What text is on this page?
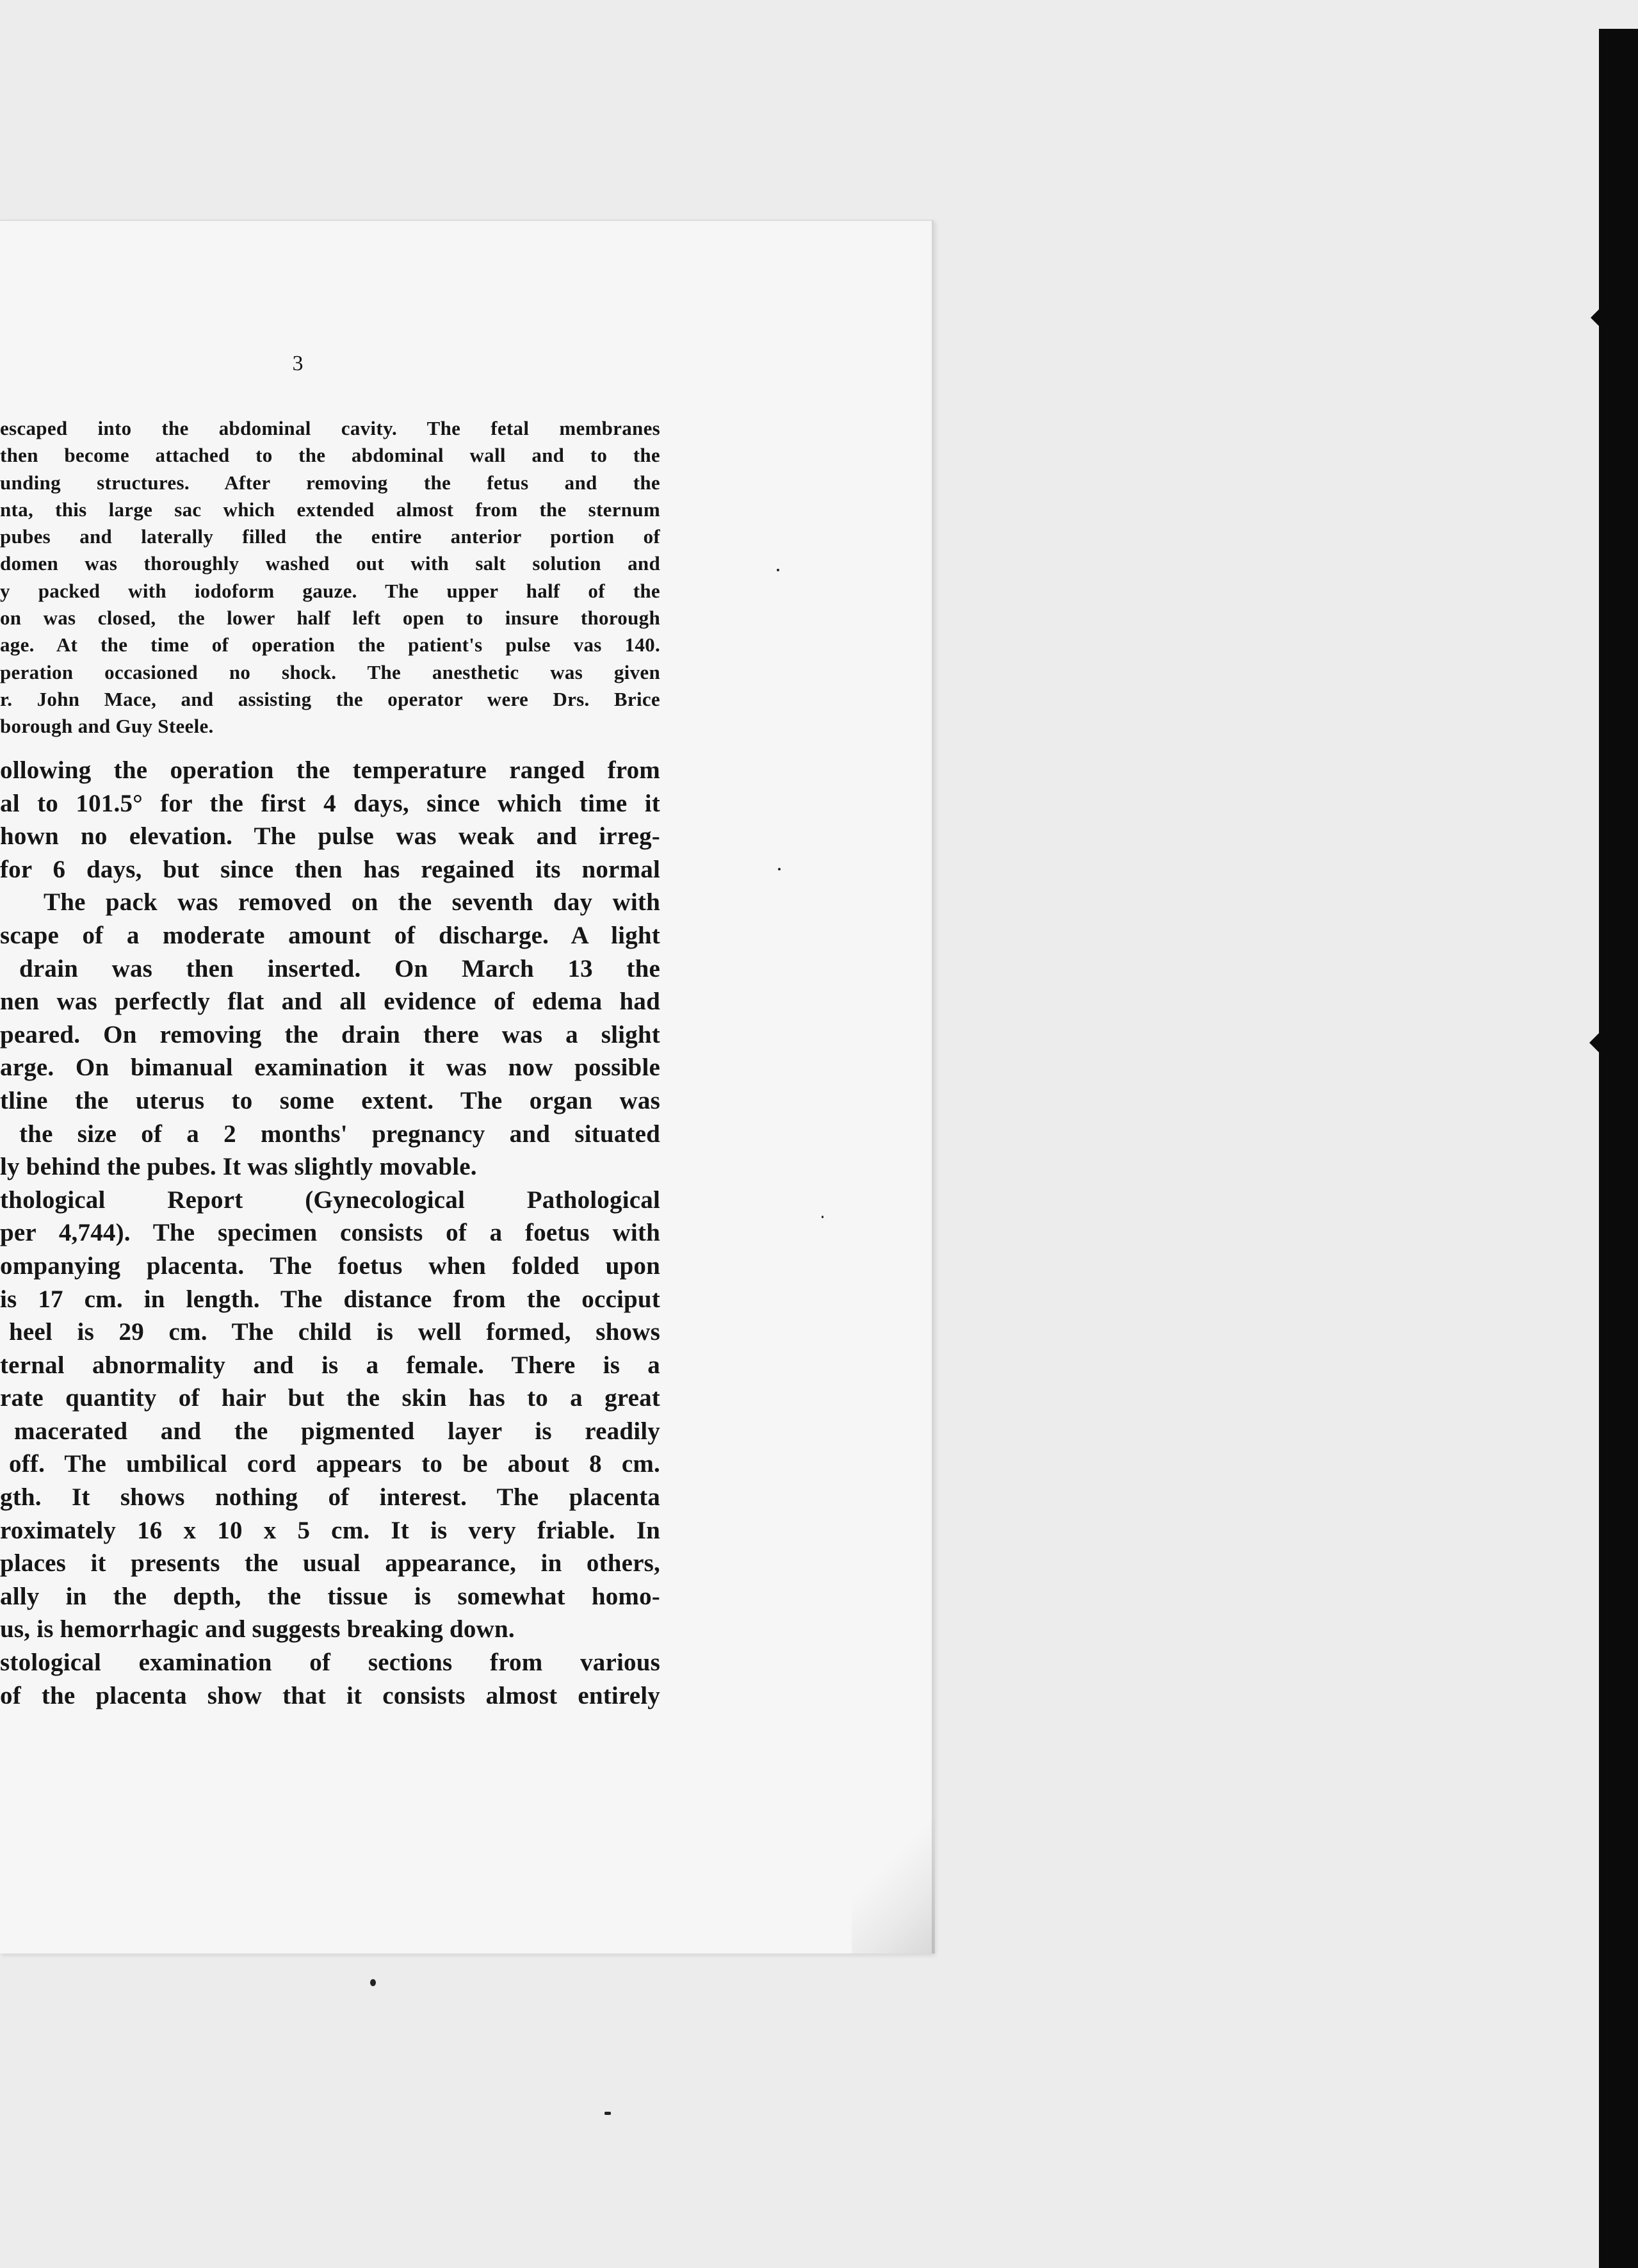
3
escaped into the abdominal cavity. The fetal membranes
then become attached to the abdominal wall and to the
unding structures. After removing the fetus and the
nta, this large sac which extended almost from the sternum
pubes and laterally filled the entire anterior portion of
domen was thoroughly washed out with salt solution and
y packed with iodoform gauze. The upper half of the
on was closed, the lower half left open to insure thorough
age. At the time of operation the patient's pulse vas 140.
peration occasioned no shock. The anesthetic was given
r. John Mace, and assisting the operator were Drs. Brice
borough and Guy Steele.
ollowing the operation the temperature ranged from
al to 101.5° for the first 4 days, since which time it
hown no elevation. The pulse was weak and irreg-
for 6 days, but since then has regained its normal
The pack was removed on the seventh day with
scape of a moderate amount of discharge. A light
drain was then inserted. On March 13 the
nen was perfectly flat and all evidence of edema had
peared. On removing the drain there was a slight
arge. On bimanual examination it was now possible
tline the uterus to some extent. The organ was
the size of a 2 months' pregnancy and situated
ly behind the pubes. It was slightly movable.
thological Report (Gynecological Pathological
per 4,744). The specimen consists of a foetus with
ompanying placenta. The foetus when folded upon
is 17 cm. in length. The distance from the occiput
heel is 29 cm. The child is well formed, shows
ternal abnormality and is a female. There is a
rate quantity of hair but the skin has to a great
macerated and the pigmented layer is readily
off. The umbilical cord appears to be about 8 cm.
gth. It shows nothing of interest. The placenta
roximately 16 x 10 x 5 cm. It is very friable. In
places it presents the usual appearance, in others,
ally in the depth, the tissue is somewhat homo-
us, is hemorrhagic and suggests breaking down.
stological examination of sections from various
of the placenta show that it consists almost entirely
